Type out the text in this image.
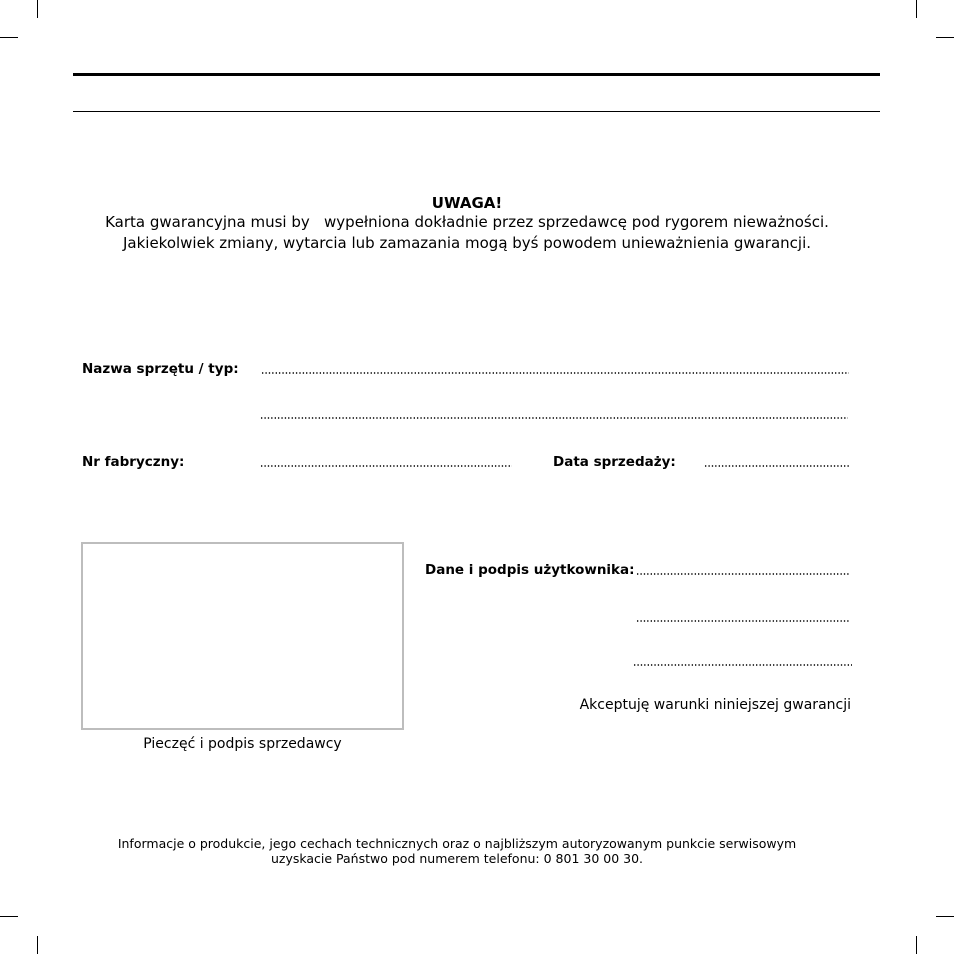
UWAGA!
Karta gwarancyjna musi by   wypełniona dokładnie przez sprzedawcę pod rygorem nieważności.
Jakiekolwiek zmiany, wytarcia lub zamazania mogą byś powodem unieważnienia gwarancji.
Nazwa sprzętu / typ:
Nr fabryczny:	Data sprzedaży:
Pieczęć i podpis sprzedawcy
Dane i podpis użytkownika:
Akceptuję warunki niniejszej gwarancji
Informacje o produkcie, jego cechach technicznych oraz o najbliższym autoryzowanym punkcie serwisowym
uzyskacie Państwo pod numerem telefonu: 0 801 30 00 30.
